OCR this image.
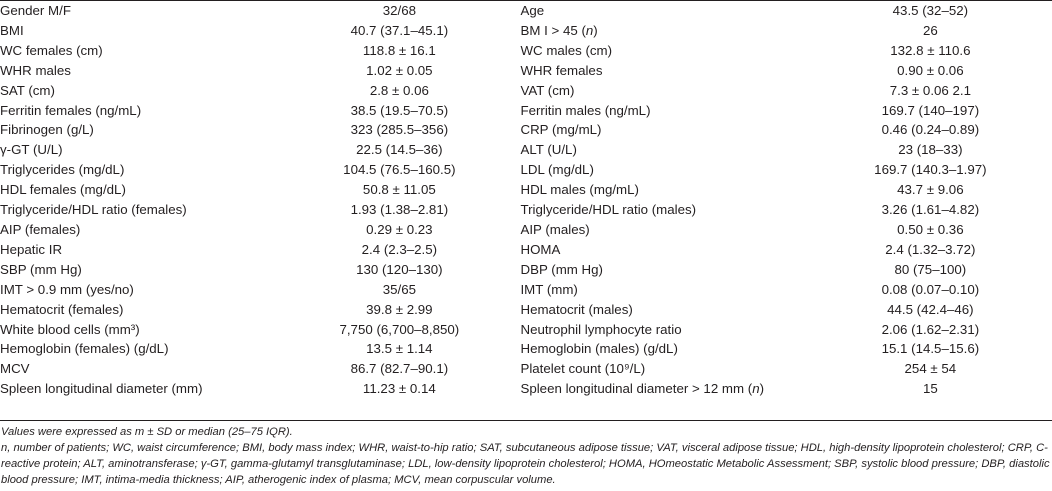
Gender M/F	32/68	Age	43.5 (32–52)
BMI	40.7 (37.1–45.1)	BM I > 45 (n)	26
WC females (cm)	118.8 ± 16.1	WC males (cm)	132.8 ± 110.6
WHR males	1.02 ± 0.05	WHR females	0.90 ± 0.06
SAT (cm)	2.8 ± 0.06	VAT (cm)	7.3 ± 0.06 2.1
Ferritin females (ng/mL)	38.5 (19.5–70.5)	Ferritin males (ng/mL)	169.7 (140–197)
Fibrinogen (g/L)	323 (285.5–356)	CRP (mg/mL)	0.46 (0.24–0.89)
γ-GT (U/L)	22.5 (14.5–36)	ALT (U/L)	23 (18–33)
Triglycerides (mg/dL)	104.5 (76.5–160.5)	LDL (mg/dL)	169.7 (140.3–1.97)
HDL females (mg/dL)	50.8 ± 11.05	HDL males (mg/mL)	43.7 ± 9.06
Triglyceride/HDL ratio (females)	1.93 (1.38–2.81)	Triglyceride/HDL ratio (males)	3.26 (1.61–4.82)
AIP (females)	0.29 ± 0.23	AIP (males)	0.50 ± 0.36
Hepatic IR	2.4 (2.3–2.5)	HOMA	2.4 (1.32–3.72)
SBP (mm Hg)	130 (120–130)	DBP (mm Hg)	80 (75–100)
IMT > 0.9 mm (yes/no)	35/65	IMT (mm)	0.08 (0.07–0.10)
Hematocrit (females)	39.8 ± 2.99	Hematocrit (males)	44.5 (42.4–46)
White blood cells (mm³)	7,750 (6,700–8,850)	Neutrophil lymphocyte ratio	2.06 (1.62–2.31)
Hemoglobin (females) (g/dL)	13.5 ± 1.14	Hemoglobin (males) (g/dL)	15.1 (14.5–15.6)
MCV	86.7 (82.7–90.1)	Platelet count (10⁹/L)	254 ± 54
Spleen longitudinal diameter (mm)	11.23 ± 0.14	Spleen longitudinal diameter > 12 mm (n)	15

Values were expressed as m ± SD or median (25–75 IQR).

n, number of patients; WC, waist circumference; BMI, body mass index; WHR, waist-to-hip ratio; SAT, subcutaneous adipose tissue; VAT, visceral adipose tissue; HDL, high-density lipoprotein cholesterol; CRP, C-reactive protein; ALT, aminotransferase; γ-GT, gamma-glutamyl transglutaminase; LDL, low-density lipoprotein cholesterol; HOMA, HOmeostatic Metabolic Assessment; SBP, systolic blood pressure; DBP, diastolic blood pressure; IMT, intima-media thickness; AIP, atherogenic index of plasma; MCV, mean corpuscular volume.
